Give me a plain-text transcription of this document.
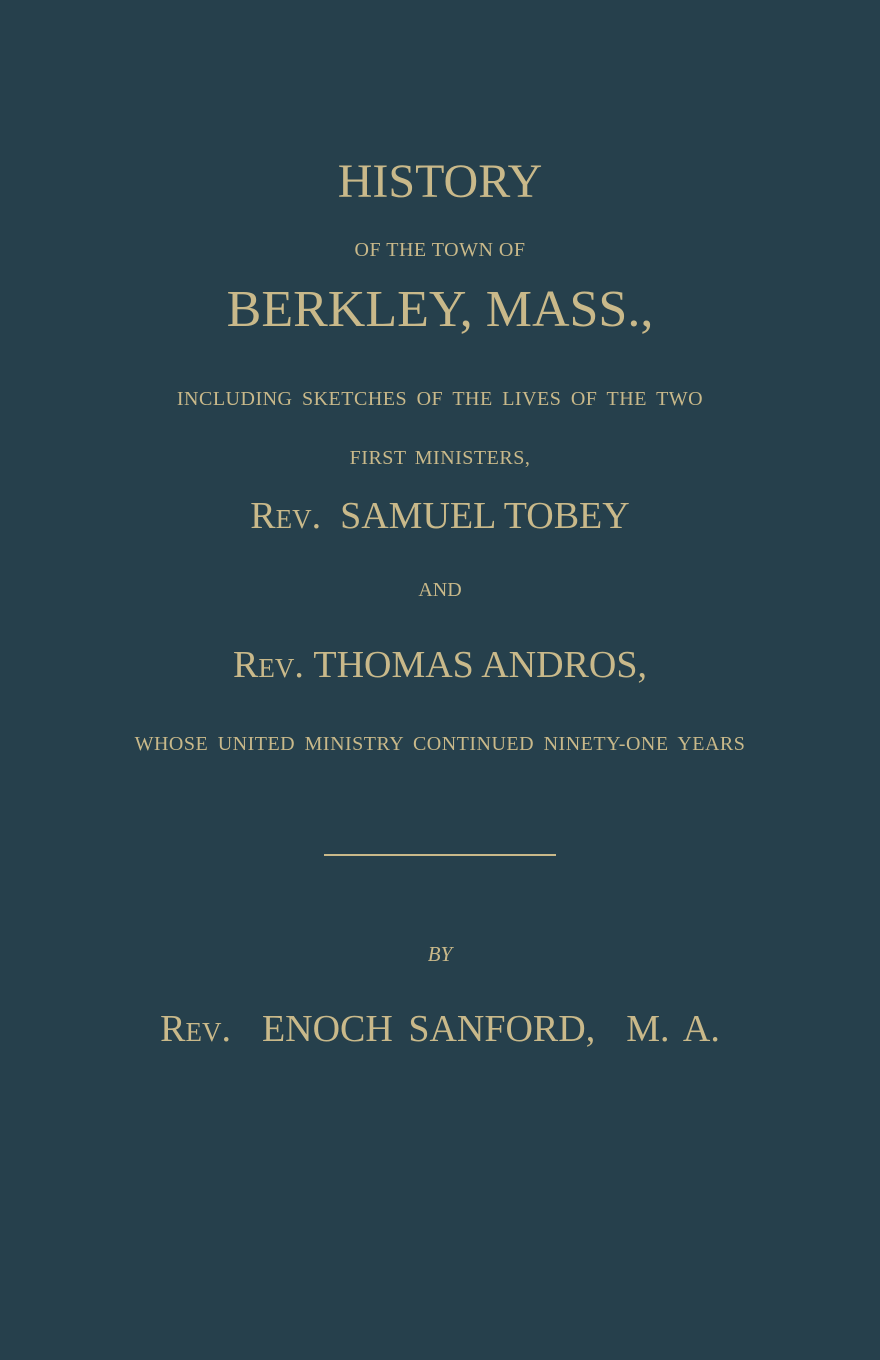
HISTORY
OF THE TOWN OF
BERKLEY, MASS.,
INCLUDING SKETCHES OF THE LIVES OF THE TWO
FIRST MINISTERS,
Rev. SAMUEL TOBEY
AND
Rev. THOMAS ANDROS,
WHOSE UNITED MINISTRY CONTINUED NINETY-ONE YEARS
BY
Rev. ENOCH SANFORD, M. A.
